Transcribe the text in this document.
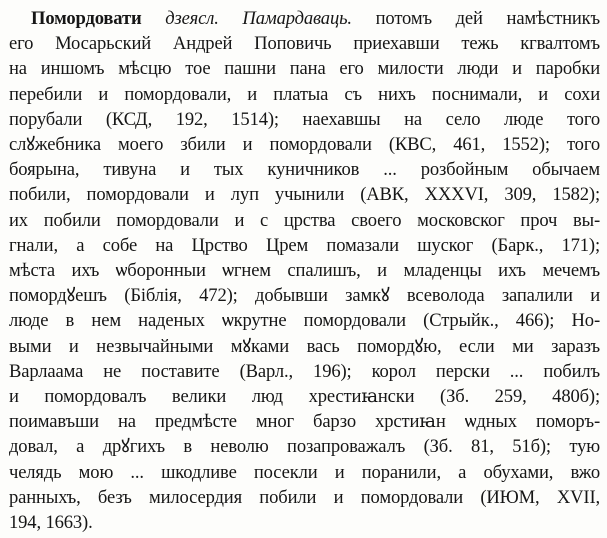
Помордовати дзеясл. Памардаваць. потомъ дей намѣстникъ
его Мосарьский Андрей Поповичь приехавши тежь кгвалтомъ
на иншомъ мѣсцю тое пашни пана его милости люди и паробки
перебили и помордовали, и платыа съ нихъ поснимали, и сохи
порубали (КСД, 192, 1514); наехавшы на село люде того
слꙋжебника моего збили и помордовали (КВС, 461, 1552); того
боярына, тивуна и тых куничников ... розбойным обычаем
побили, помордовали и луп учынили (АВК, XXXVI, 309, 1582);
их побили помордовали и с црства своего московског проч вы-
гнали, а собе на Црство Црем помазали шуског (Барк., 171);
мѣста ихъ ѡборонныи ѡгнем спалишъ, и младенцы ихъ мечемъ
помордꙋешъ (Біблія, 472); добывши замкꙋ всеволода запалили и
люде в нем наденых ѡкрутне помордовали (Стрыйк., 466); Но-
выми и незвычайными мꙋками вась помордꙋю, если ми заразъ
Варлаама не поставите (Варл., 196); корол перски ... побилъ
и помордовалъ велики люд хрестиꙗнски (Зб. 259, 480б);
поимавъши на предмѣсте мног барзо хрстиꙗн ѡдных поморъ-
довал, а дрꙋгихъ в неволю позапроважалъ (Зб. 81, 51б); тую
челядь мою ... шкодливе посекли и поранили, а обухами, вжо
ранныхъ, безъ милосердия побили и помордовали (ИЮМ, XVII,
194, 1663).
